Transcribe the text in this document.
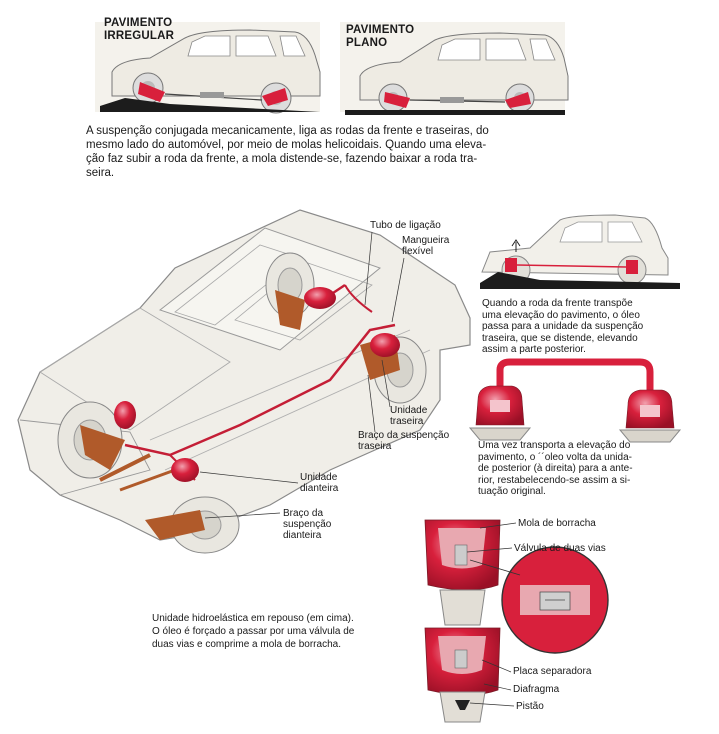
PAVIMENTO
IRREGULAR	PAVIMENTO
PLANO
A suspenção conjugada mecanicamente, liga as rodas da frente e traseiras, do
mesmo lado do automóvel, por meio de molas helicoidais. Quando uma eleva-
ção faz subir a roda da frente, a mola distende-se, fazendo baixar a roda tra-
seira.
Tubo de ligação
Mangueira
flexível
Unidade
traseira
Braço da suspenção
traseira
Unidade
dianteira
Braço da
suspenção
dianteira
Quando a roda da frente transpõe
uma elevação do pavimento, o óleo
passa para a unidade da suspenção
traseira, que se distende, elevando
assim a parte posterior.
Uma vez transporta a elevação do
pavimento, o ´´oleo volta da unida-
de posterior (à direita) para a ante-
rior, restabelecendo-se assim a si-
tuação original.
Mola de borracha
Válvula de duas vias
Placa separadora
Diafragma
Pistão
Unidade hidroelástica em repouso (em cima).
O óleo é forçado a passar por uma válvula de
duas vias e comprime a mola de borracha.
